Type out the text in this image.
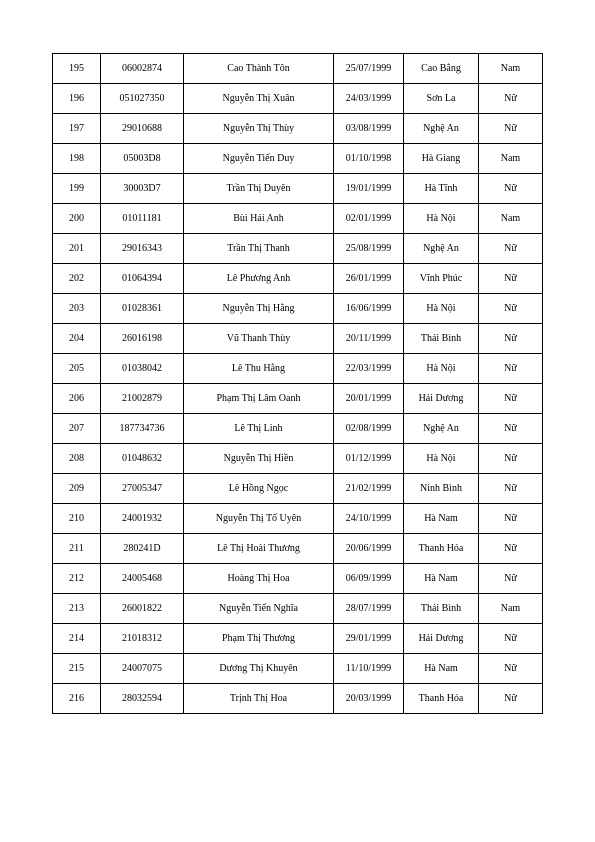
195	06002874	Cao Thành Tôn	25/07/1999	Cao Bằng	Nam
196	051027350	Nguyễn Thị Xuân	24/03/1999	Sơn La	Nữ
197	29010688	Nguyễn Thị Thùy	03/08/1999	Nghệ An	Nữ
198	05003D8	Nguyễn Tiến Duy	01/10/1998	Hà Giang	Nam
199	30003D7	Trần Thị Duyên	19/01/1999	Hà Tĩnh	Nữ
200	01011181	Bùi Hải Anh	02/01/1999	Hà Nội	Nam
201	29016343	Trần Thị Thanh	25/08/1999	Nghệ An	Nữ
202	01064394	Lê Phương Anh	26/01/1999	Vĩnh Phúc	Nữ
203	01028361	Nguyễn Thị Hằng	16/06/1999	Hà Nội	Nữ
204	26016198	Vũ Thanh Thùy	20/11/1999	Thái Bình	Nữ
205	01038042	Lê Thu Hằng	22/03/1999	Hà Nội	Nữ
206	21002879	Phạm Thị Lâm Oanh	20/01/1999	Hải Dương	Nữ
207	187734736	Lê Thị Linh	02/08/1999	Nghệ An	Nữ
208	01048632	Nguyễn Thị Hiền	01/12/1999	Hà Nội	Nữ
209	27005347	Lê Hồng Ngọc	21/02/1999	Ninh Bình	Nữ
210	24001932	Nguyễn Thị Tố Uyên	24/10/1999	Hà Nam	Nữ
211	280241D	Lê Thị Hoài Thương	20/06/1999	Thanh Hóa	Nữ
212	24005468	Hoàng Thị Hoa	06/09/1999	Hà Nam	Nữ
213	26001822	Nguyễn Tiến Nghĩa	28/07/1999	Thái Bình	Nam
214	21018312	Phạm Thị Thương	29/01/1999	Hải Dương	Nữ
215	24007075	Dương Thị Khuyên	11/10/1999	Hà Nam	Nữ
216	28032594	Trịnh Thị Hoa	20/03/1999	Thanh Hóa	Nữ
